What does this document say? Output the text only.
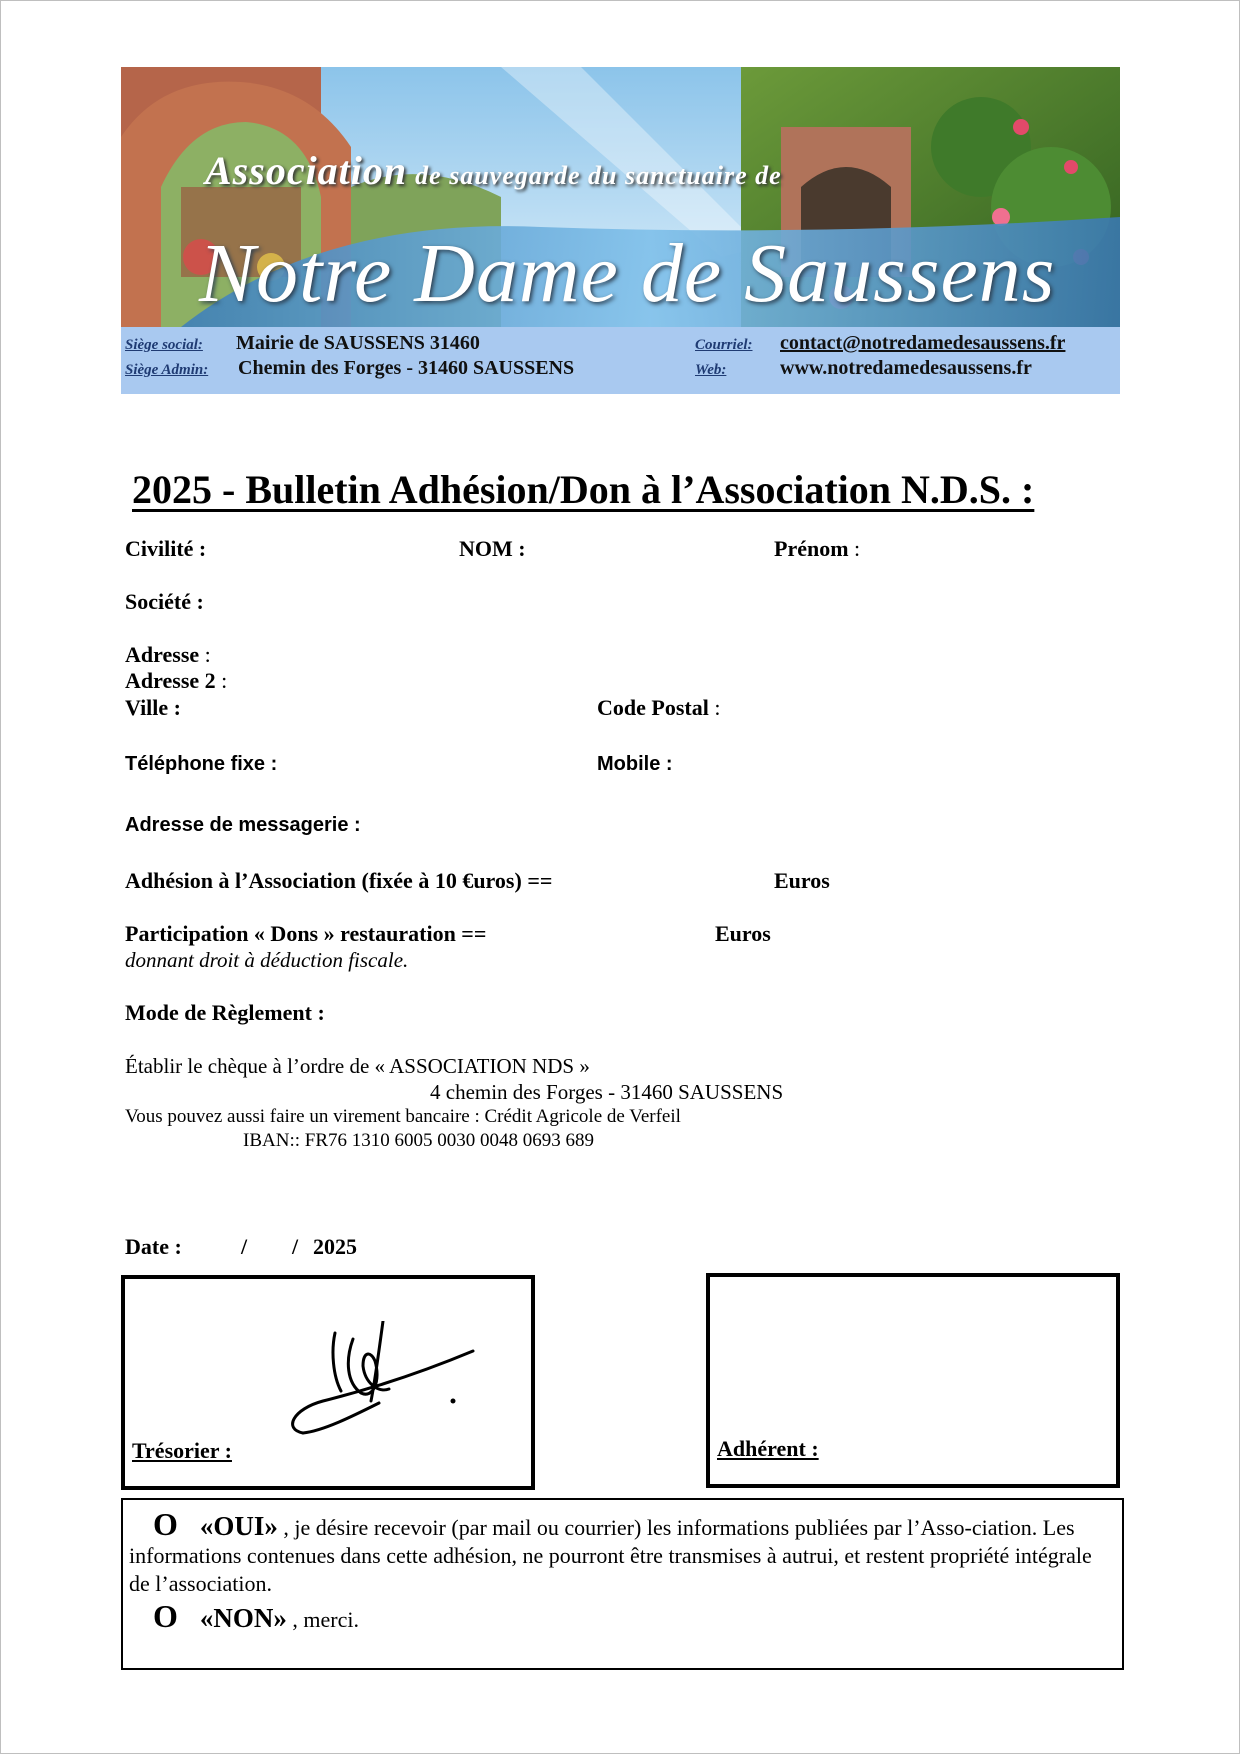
Association de sauvegarde du sanctuaire de
Notre Dame de Saussens
Siège social: Mairie de SAUSSENS 31460
Siège Admin: Chemin des Forges - 31460 SAUSSENS
Courriel: contact@notredamedesaussens.fr
Web:	www.notredamedesaussens.fr
2025 - Bulletin Adhésion/Don à l’Association N.D.S. :
Civilité :	NOM :	Prénom :
Société :
Adresse :
Adresse 2 :
Ville :	Code Postal :
Téléphone fixe :	Mobile :
Adresse de messagerie :
Adhésion à l’Association (fixée à 10 €uros) ==	Euros
Participation « Dons » restauration ==	Euros
donnant droit à déduction fiscale.
Mode de Règlement :
Établir le chèque à l’ordre de « ASSOCIATION NDS »
4 chemin des Forges - 31460 SAUSSENS
Vous pouvez aussi faire un virement bancaire : Crédit Agricole de Verfeil
IBAN:: FR76 1310 6005 0030 0048 0693 689
Date :	/ / 2025
Trésorier :	Adhérent :

O «OUI» , je désire recevoir (par mail ou courrier) les informations publiées par l’Asso-ciation. Les informations contenues dans cette adhésion, ne pourront être transmises à autrui, et restent propriété intégrale de l’association.

O «NON» , merci.
